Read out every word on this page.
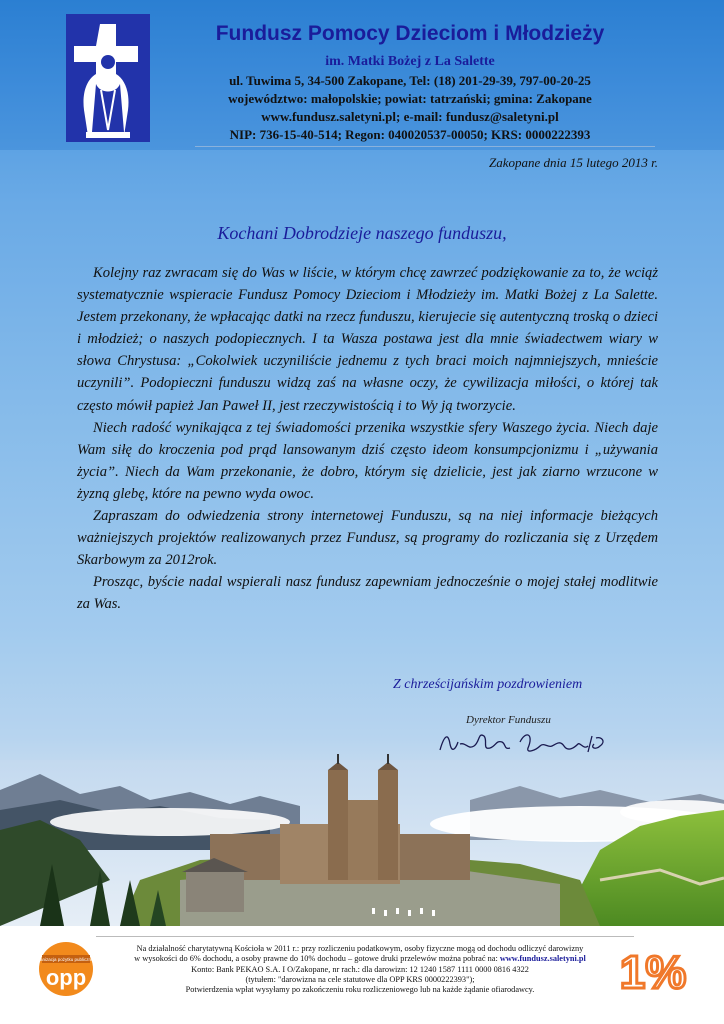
Fundusz Pomocy Dzieciom i Młodzieży
im. Matki Bożej z La Salette
ul. Tuwima 5, 34-500 Zakopane, Tel: (18) 201-29-39, 797-00-20-25
województwo: małopolskie; powiat: tatrzański; gmina: Zakopane
www.fundusz.saletyni.pl; e-mail: fundusz@saletyni.pl
NIP: 736-15-40-514; Regon: 040020537-00050; KRS: 0000222393
Zakopane dnia 15 lutego 2013 r.
Kochani Dobrodzieje naszego funduszu,

Kolejny raz zwracam się do Was w liście, w którym chcę zawrzeć podziękowanie za to, że wciąż systematycznie wspieracie Fundusz Pomocy Dzieciom i Młodzieży im. Matki Bożej z La Salette. Jestem przekonany, że wpłacając datki na rzecz funduszu, kierujecie się autentyczną troską o dzieci i młodzież; o naszych podopiecznych. I ta Wasza postawa jest dla mnie świadectwem wiary w słowa Chrystusa: „Cokolwiek uczyniliście jednemu z tych braci moich najmniejszych, mnieście uczynili”. Podopieczni funduszu widzą zaś na własne oczy, że cywilizacja miłości, o której tak często mówił papież Jan Paweł II, jest rzeczywistością i to Wy ją tworzycie.

Niech radość wynikająca z tej świadomości przenika wszystkie sfery Waszego życia. Niech daje Wam siłę do kroczenia pod prąd lansowanym dziś często ideom konsumpcjonizmu i „używania życia”. Niech da Wam przekonanie, że dobro, którym się dzielicie, jest jak ziarno wrzucone w żyzną glebę, które na pewno wyda owoc.

Zapraszam do odwiedzenia strony internetowej Funduszu, są na niej informacje bieżących ważniejszych projektów realizowanych przez Fundusz, są programy do rozliczania się z Urzędem Skarbowym za 2012rok.

Prosząc, byście nadal wspierali nasz fundusz zapewniam jednocześnie o mojej stałej modlitwie za Was.

Z chrześcijańskim pozdrowieniem
Dyrektor Funduszu
organizacja pożytku publicznego
opp
Na działalność charytatywną Kościoła w 2011 r.: przy rozliczeniu podatkowym, osoby fizyczne mogą od dochodu odliczyć darowizny
w wysokości do 6% dochodu, a osoby prawne do 10% dochodu – gotowe druki przelewów można pobrać na: www.fundusz.saletyni.pl
Konto: Bank PEKAO S.A. I O/Zakopane, nr rach.: dla darowizn: 12 1240 1587 1111 0000 0816 4322
(tytułem: "darowizna na cele statutowe dla OPP KRS 0000222393");
Potwierdzenia wpłat wysyłamy po zakończeniu roku rozliczeniowego lub na każde żądanie ofiarodawcy.	1%
